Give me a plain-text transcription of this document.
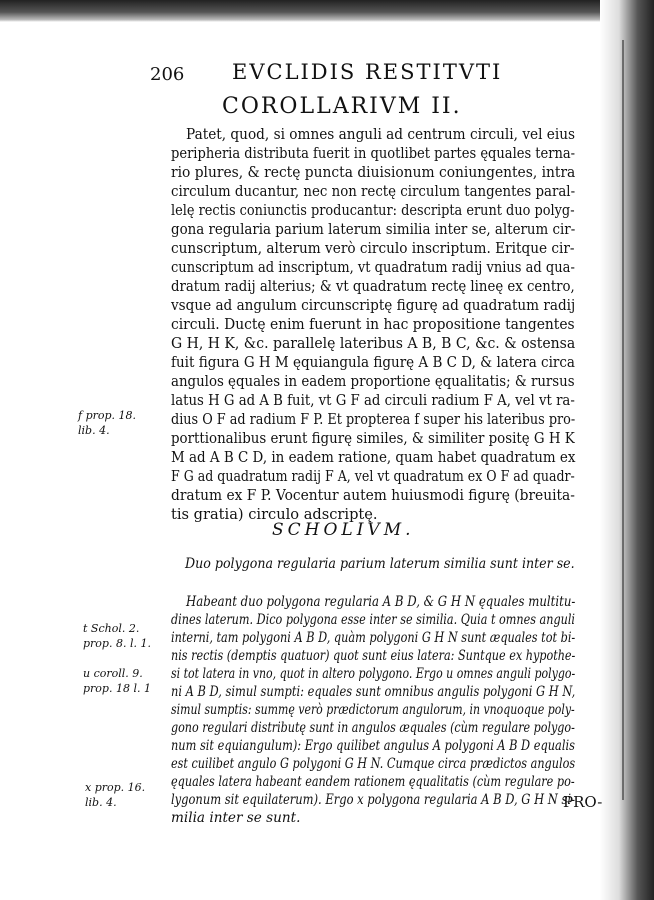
206 EVCLIDIS RESTITVTI
COROLLARIVM II.
Patet, quod, si omnes anguli ad centrum circuli, vel eius
peripheria distributa fuerit in quotlibet partes ęquales terna-
rio plures, & rectę puncta diuisionum coniungentes, intra
circulum ducantur, nec non rectę circulum tangentes paral-
lelę rectis coniunctis producantur: descripta erunt duo polyg-
gona regularia parium laterum similia inter se, alterum cir-
cunscriptum, alterum verò circulo inscriptum. Eritque cir-
cunscriptum ad inscriptum, vt quadratum radij vnius ad qua-
dratum radij alterius; & vt quadratum rectę lineę ex centro,
vsque ad angulum circunscriptę figurę ad quadratum radij
circuli. Ductę enim fuerunt in hac propositione tangentes
G H, H K, &c. parallelę lateribus A B, B C, &c. & ostensa
fuit figura G H M ęquiangula figurę A B C D, & latera circa
angulos ęquales in eadem proportione ęqualitatis; & rursus
latus H G ad A B fuit, vt G F ad circuli radium F A, vel vt ra-
dius O F ad radium F P. Et propterea f super his lateribus pro-
porttionalibus erunt figurę similes, & similiter positę G H K
M ad A B C D, in eadem ratione, quam habet quadratum ex
F G ad quadratum radij F A, vel vt quadratum ex O F ad quadr-
dratum ex F P. Vocentur autem huiusmodi figurę (breuita-
tis gratia) circulo adscriptę.
SCHOLIVM.
Duo polygona regularia parium laterum similia sunt inter se.
Habeant duo polygona regularia A B D, & G H N ęquales multitu-
dines laterum. Dico polygona esse inter se similia. Quia t omnes anguli
interni, tam polygoni A B D, quàm polygoni G H N sunt æquales tot bi-
nis rectis (demptis quatuor) quot sunt eius latera: Suntque ex hypothe-
si tot latera in vno, quot in altero polygono. Ergo u omnes anguli polygo-
ni A B D, simul sumpti: equales sunt omnibus angulis polygoni G H N,
simul sumptis: summę verò prædictorum angulorum, in vnoquoque poly-
gono regulari distributę sunt in angulos æquales (cùm regulare polygo-
num sit equiangulum): Ergo quilibet angulus A polygoni A B D equalis
est cuilibet angulo G polygoni G H N. Cumque circa prædictos angulos
ęquales latera habeant eandem rationem ęqualitatis (cùm regulare po-
lygonum sit equilaterum). Ergo x polygona regularia A B D, G H N si-
milia inter se sunt.
f prop. 18.
lib. 4.
t Schol. 2.
prop. 8. l. 1.
u coroll. 9.
prop. 18 l. 1
x prop. 16.
lib. 4.	PRO-
